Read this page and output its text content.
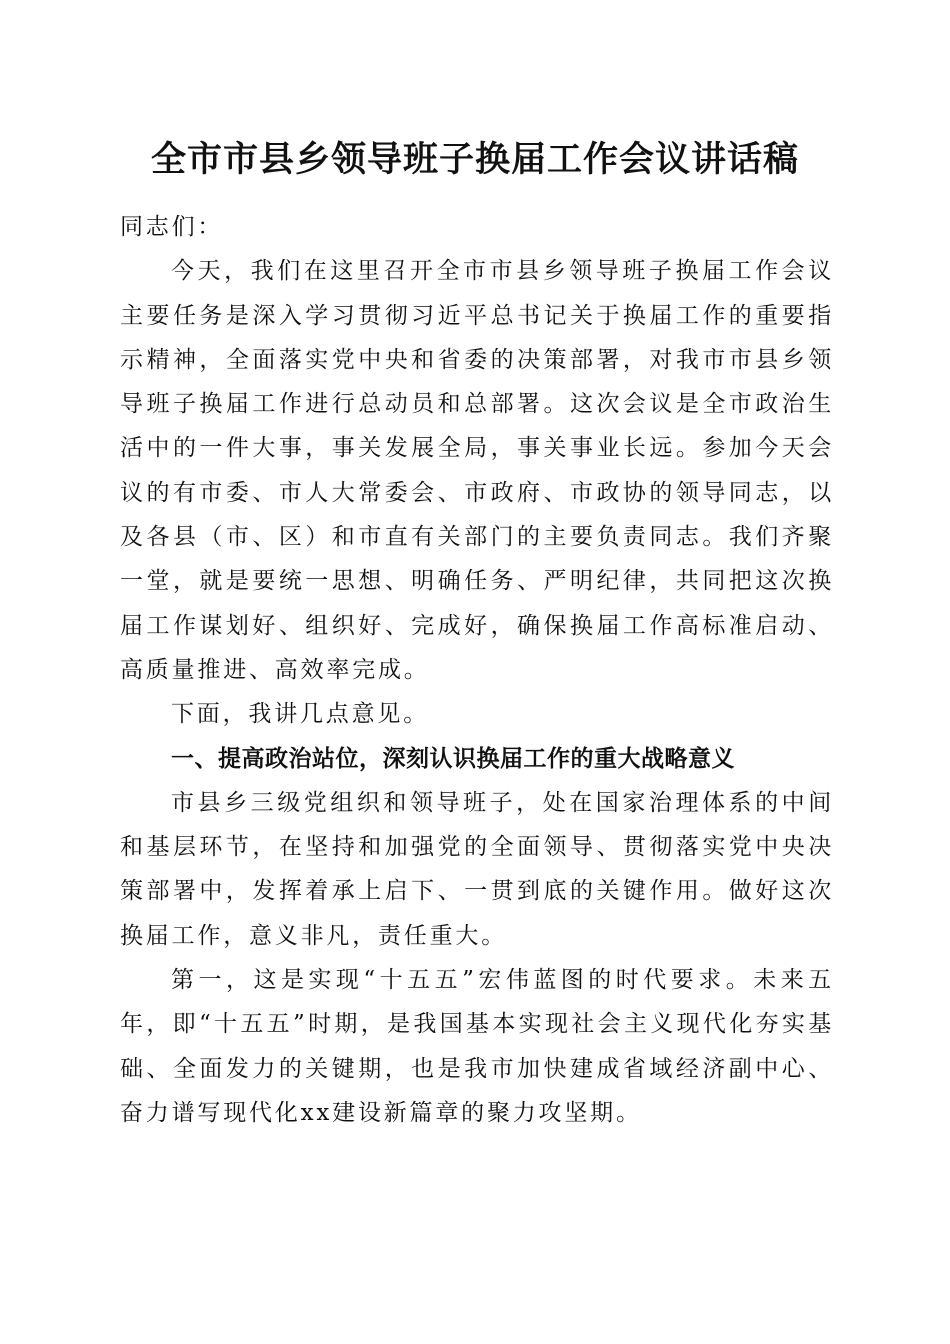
全市市县乡领导班子换届工作会议讲话稿

同志们：

今天，我们在这里召开全市市县乡领导班子换届工作会议主要任务是深入学习贯彻习近平总书记关于换届工作的重要指示精神，全面落实党中央和省委的决策部署，对我市市县乡领导班子换届工作进行总动员和总部署。这次会议是全市政治生活中的一件大事，事关发展全局，事关事业长远。参加今天会议的有市委、市人大常委会、市政府、市政协的领导同志，以及各县（市、区）和市直有关部门的主要负责同志。我们齐聚一堂，就是要统一思想、明确任务、严明纪律，共同把这次换届工作谋划好、组织好、完成好，确保换届工作高标准启动、高质量推进、高效率完成。

下面，我讲几点意见。

一、提高政治站位，深刻认识换届工作的重大战略意义

市县乡三级党组织和领导班子，处在国家治理体系的中间和基层环节，在坚持和加强党的全面领导、贯彻落实党中央决策部署中，发挥着承上启下、一贯到底的关键作用。做好这次换届工作，意义非凡，责任重大。

第一，这是实现“十五五”宏伟蓝图的时代要求。未来五年，即“十五五”时期，是我国基本实现社会主义现代化夯实基础、全面发力的关键期，也是我市加快建成省域经济副中心、奋力谱写现代化xx建设新篇章的聚力攻坚期。
